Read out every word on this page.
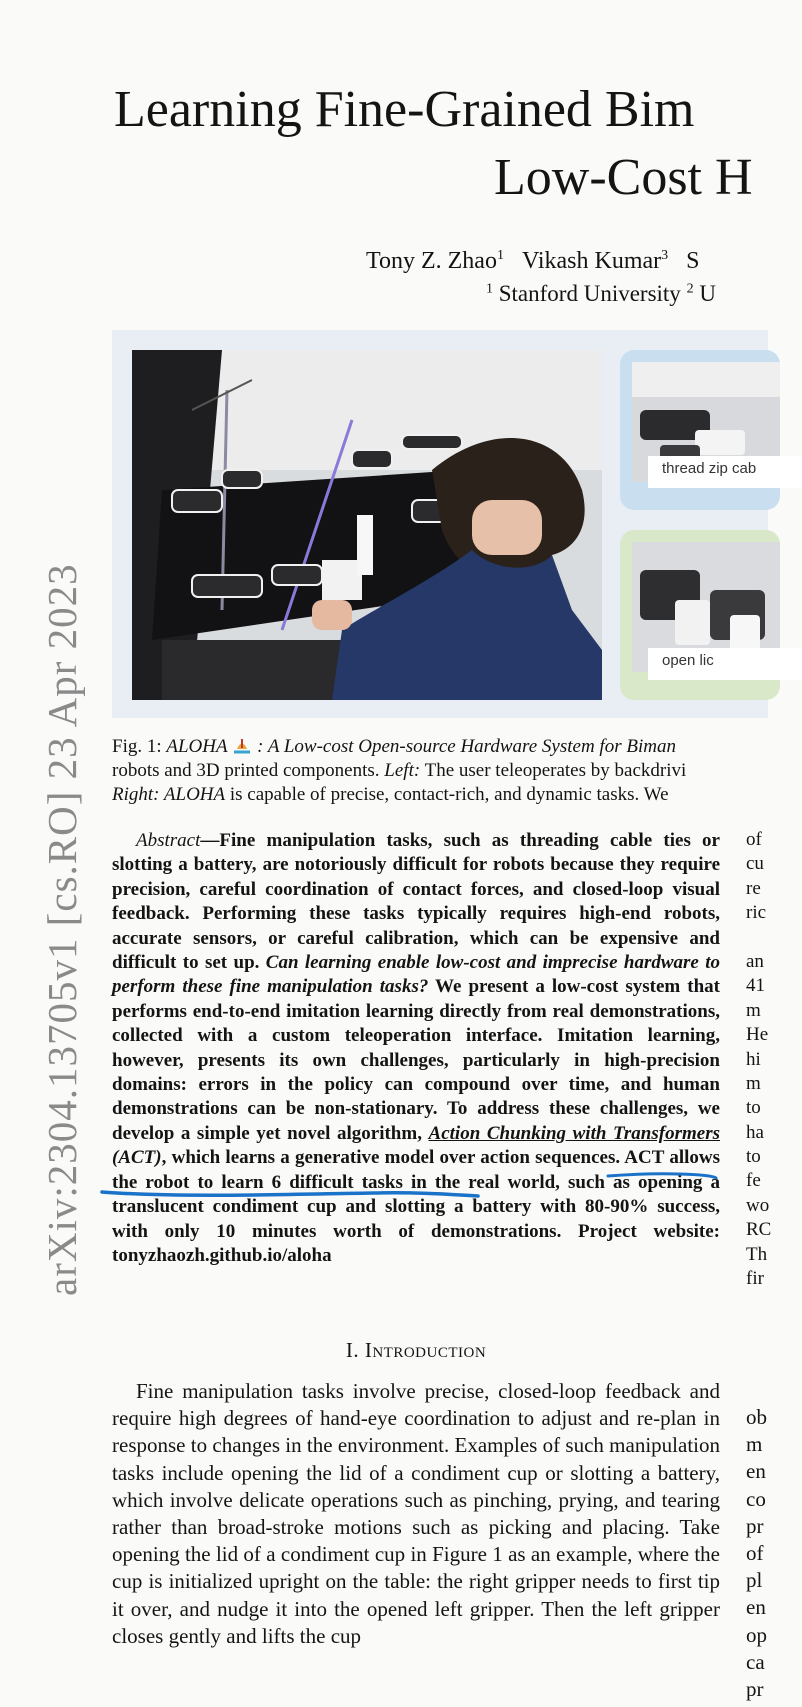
Learning Fine-Grained Bim
Low-Cost H
Tony Z. Zhao$^1$ Vikash Kumar$^3$ S
$^1$ Stanford University $^2$ U
arXiv:2304.13705v1 [cs.RO] 23 Apr 2023
thread zip cab
open lic
Fig. 1: ALOHA  : A Low-cost Open-source Hardware System for Biman
robots and 3D printed components. Left: The user teleoperates by backdrivi
Right: ALOHA is capable of precise, contact-rich, and dynamic tasks. We

Abstract—Fine manipulation tasks, such as threading cable ties or slotting a battery, are notoriously difficult for robots because they require precision, careful coordination of contact forces, and closed-loop visual feedback. Performing these tasks typically requires high-end robots, accurate sensors, or careful calibration, which can be expensive and difficult to set up. Can learning enable low-cost and imprecise hardware to perform these fine manipulation tasks? We present a low-cost system that performs end-to-end imitation learning directly from real demonstrations, collected with a custom teleoperation interface. Imitation learning, however, presents its own challenges, particularly in high-precision domains: errors in the policy can compound over time, and human demonstrations can be non-stationary. To address these challenges, we develop a simple yet novel algorithm, Action Chunking with Transformers (ACT), which learns a generative model over action sequences. ACT allows the robot to learn 6 difficult tasks in the real world, such as opening a translucent condiment cup and slotting a battery with 80-90% success, with only 10 minutes worth of demonstrations. Project website: tonyzhaozh.github.io/aloha

I. Introduction

Fine manipulation tasks involve precise, closed-loop feedback and require high degrees of hand-eye coordination to adjust and re-plan in response to changes in the environment. Examples of such manipulation tasks include opening the lid of a condiment cup or slotting a battery, which involve delicate operations such as pinching, prying, and tearing rather than broad-stroke motions such as picking and placing. Take opening the lid of a condiment cup in Figure 1 as an example, where the cup is initialized upright on the table: the right gripper needs to first tip it over, and nudge it into the opened left gripper. Then the left gripper closes gently and lifts the cup

of
cu
re
ric
an
41
m
He
hi
m
to
ha
to
fe
wo
RC
Th
fir
ob
m
en
co
pr
of
pl
en
op
ca
pr
